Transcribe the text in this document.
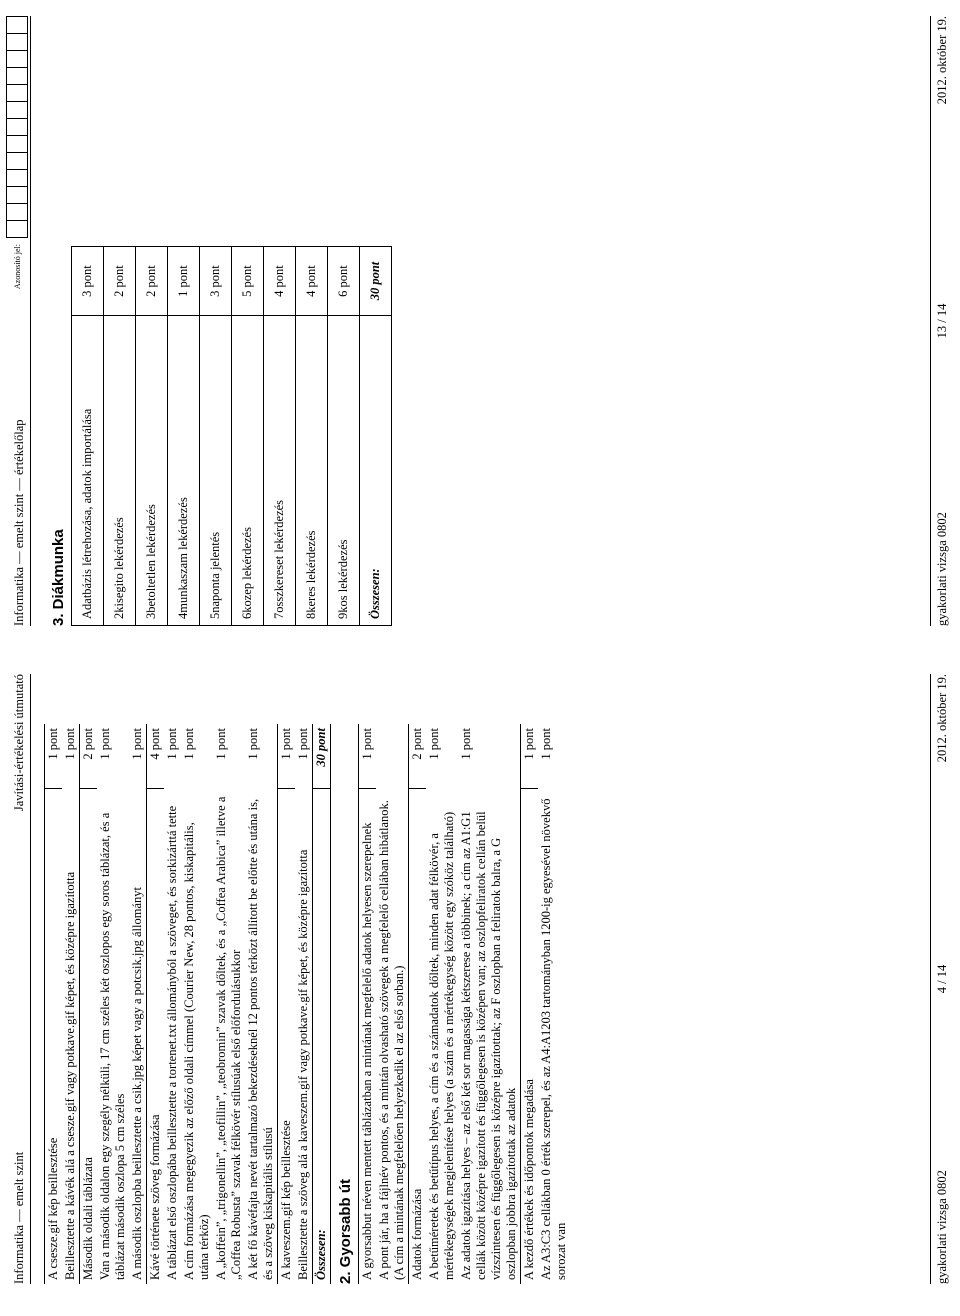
Informatika — emelt szint
Javítási-értékelési útmutató
A csesze.gif kép beillesztése	1 pont
Beillesztette a kávék alá a csesze.gif vagy potkave.gif képet, és középre igazította	1 pont
Második oldali táblázata	2 pont
Van a második oldalon egy szegély nélküli, 17 cm széles két oszlopos egy soros táblázat, és a táblázat második oszlopa 5 cm széles	1 pont
A második oszlopba beillesztette a csik.jpg képet vagy a potcsik.jpg állományt	1 pont
Kávé története szöveg formázása	4 pont
A táblázat első oszlopába beillesztette a tortenet.txt állományból a szöveget, és sorkizárttá tette	1 pont
A cím formázása megegyezik az előző oldali címmel (Courier New, 28 pontos, kiskapitális, utána térköz)	1 pont
A „koffein”, „trigonellin”, „teofillin”, „teobromin” szavak dőltek, és a „Coffea Arabica” illetve a „Coffea Robusta” szavak félkövér stílusúak első előfordulásukkor	1 pont
A két fő kávéfajta nevét tartalmazó bekezdéseknél 12 pontos térközt állított be előtte és utána is, és a szöveg kiskapitális stílusú	1 pont
A kaveszem.gif kép beillesztése	1 pont
Beillesztette a szöveg alá a kaveszem.gif vagy potkave.gif képet, és középre igazította	1 pont
Összesen:	30 pont
2. Gyorsabb út A gyorsabbut néven mentett táblázatban a mintának megfelelő adatok helyesen szerepelnek	1 pont
A pont jár, ha a fájlnév pontos, és a mintán olvasható szövegek a megfelelő cellában hibátlanok. (A cím a mintának megfelelően helyezkedik el az első sorban.)	
Adatok formázása	2 pont
A betűméretek és betűtípus helyes, a cím és a számadatok dőltek, minden adat félkövér, a mértékegységek megjelenítése helyes (a szám és a mértékegység között egy szóköz található)	1 pont
Az adatok igazítása helyes – az első két sor magassága kétszerese a többinek; a cím az A1:G1 cellák között középre igazított és függőlegesen is középen van; az oszlopfeliratok cellán belül vízszintesen és függőlegesen is középre igazítottak; az F oszlopban a feliratok balra, a G oszlopban jobbra igazítottak az adatok	1 pont
A kezdő értékek és időpontok megadása	1 pont
Az A3:C3 cellákban 0 érték szerepel, és az A4:A1203 tartományban 1200-ig egyesével növekvő sorozat van	1 pont
gyakorlati vizsga 0802
4 / 14
2012. október 19.
Informatika — emelt szint — értékelőlap
Azonosító jel:
3. Diákmunka Adatbázis létrehozása, adatok importálása	3 pont
2kisegito lekérdezés	2 pont
3betoltetlen lekérdezés	2 pont
4munkaszam lekérdezés	1 pont
5naponta jelentés	3 pont
6kozep lekérdezés	5 pont
7osszkereset lekérdezés	4 pont
8keres lekérdezés	4 pont
9kos lekérdezés	6 pont
Összesen:	30 pont
gyakorlati vizsga 0802
13 / 14
2012. október 19.
